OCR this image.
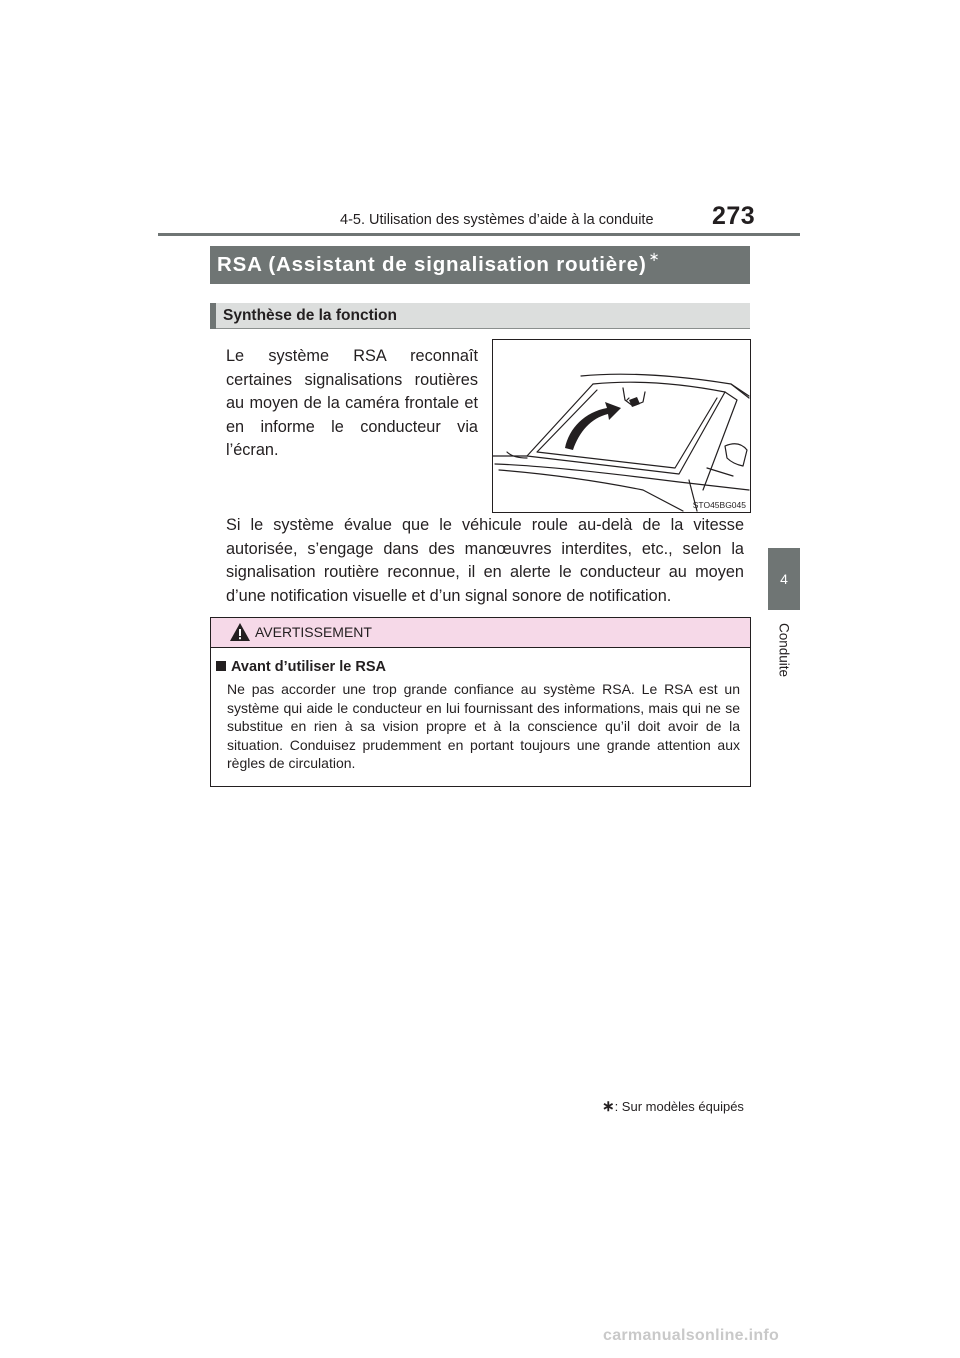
4-5. Utilisation des systèmes d’aide à la conduite 273
4
Conduite
RSA (Assistant de signalisation routière) ∗
Synthèse de la fonction
Le système RSA reconnaît certaines signalisations routières au moyen de la caméra frontale et en informe le conducteur via l’écran.
STO45BG045
Si le système évalue que le véhicule roule au-delà de la vitesse autorisée, s’engage dans des manœuvres interdites, etc., selon la signalisation routière reconnue, il en alerte le conducteur au moyen d’une notification visuelle et d’un signal sonore de notification.
AVERTISSEMENT
Avant d’utiliser le RSA
Ne pas accorder une trop grande confiance au système RSA. Le RSA est un système qui aide le conducteur en lui fournissant des informations, mais qui ne se substitue en rien à sa vision propre et à la conscience qu’il doit avoir de la situation. Conduisez prudemment en portant toujours une grande attention aux règles de circulation.
∗: Sur modèles équipés
carmanualsonline.info
